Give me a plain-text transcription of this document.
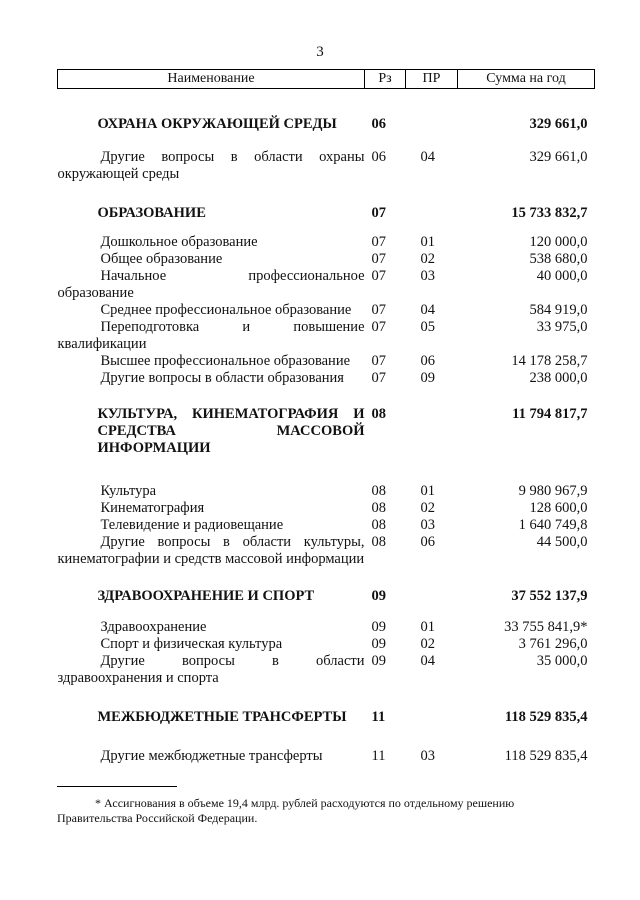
3
Наименование	Рз	ПР	Сумма на год

ОХРАНА ОКРУЖАЮЩЕЙ СРЕДЫ	06		329 661,0

Другие вопросы в области охраны окружающей среды	06	04	329 661,0

ОБРАЗОВАНИЕ	07		15 733 832,7

Дошкольное образование	07	01	120 000,0
Общее образование	07	02	538 680,0
Начальное профессиональное образование	07	03	40 000,0
Среднее профессиональное образование	07	04	584 919,0
Переподготовка и повышение квалификации	07	05	33 975,0
Высшее профессиональное образование	07	06	14 178 258,7
Другие вопросы в области образования	07	09	238 000,0

КУЛЬТУРА, КИНЕМАТОГРАФИЯ И СРЕДСТВА МАССОВОЙ ИНФОРМАЦИИ	08		11 794 817,7

Культура	08	01	9 980 967,9
Кинематография	08	02	128 600,0
Телевидение и радиовещание	08	03	1 640 749,8
Другие вопросы в области культуры, кинематографии и средств массовой информации	08	06	44 500,0

ЗДРАВООХРАНЕНИЕ И СПОРТ	09		37 552 137,9

Здравоохранение	09	01	33 755 841,9*
Спорт и физическая культура	09	02	3 761 296,0
Другие вопросы в области здравоохранения и спорта	09	04	35 000,0

МЕЖБЮДЖЕТНЫЕ ТРАНСФЕРТЫ	11		118 529 835,4

Другие межбюджетные трансферты	11	03	118 529 835,4
* Ассигнования в объеме 19,4 млрд. рублей расходуются по отдельному решению
Правительства Российской Федерации.
